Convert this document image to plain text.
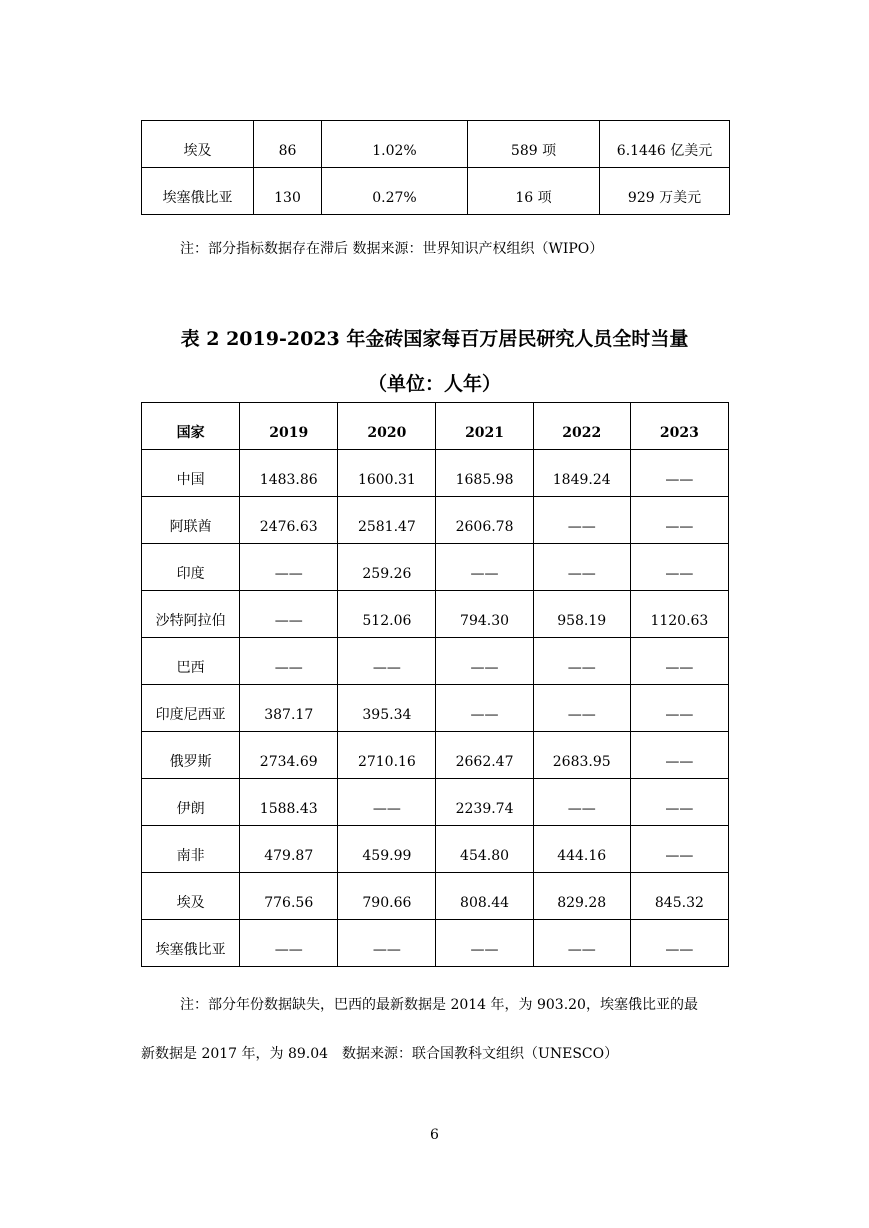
埃及	86	1.02%	589 项	6.1446 亿美元
埃塞俄比亚	130	0.27%	16 项	929 万美元
注：部分指标数据存在滞后 数据来源：世界知识产权组织（WIPO）
表 2 2019-2023 年金砖国家每百万居民研究人员全时当量
（单位：人年）
国家	2019	2020	2021	2022	2023
中国	1483.86	1600.31	1685.98	1849.24	——
阿联酋	2476.63	2581.47	2606.78	——	——
印度	——	259.26	——	——	——
沙特阿拉伯	——	512.06	794.30	958.19	1120.63
巴西	——	——	——	——	——
印度尼西亚	387.17	395.34	——	——	——
俄罗斯	2734.69	2710.16	2662.47	2683.95	——
伊朗	1588.43	——	2239.74	——	——
南非	479.87	459.99	454.80	444.16	——
埃及	776.56	790.66	808.44	829.28	845.32
埃塞俄比亚	——	——	——	——	——
注：部分年份数据缺失，巴西的最新数据是 2014 年，为 903.20，埃塞俄比亚的最
新数据是 2017 年，为 89.04　数据来源：联合国教科文组织（UNESCO）
6
